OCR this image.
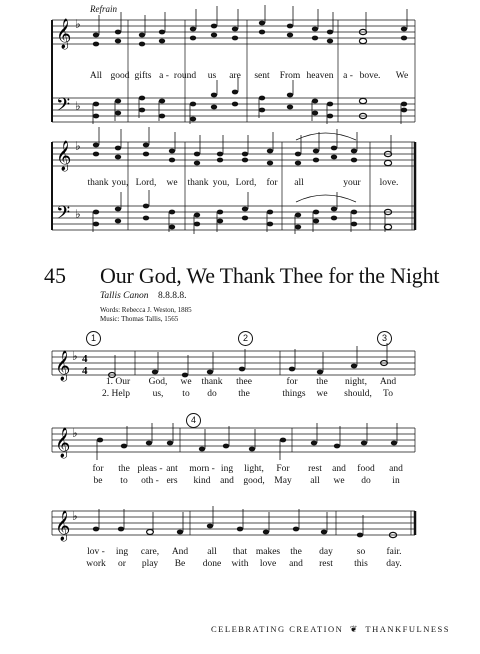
Refrain
𝄞
𝄢
♭
♭
All good gifts a - round us are sent From heaven a - bove. We
𝄞
𝄢
♭
♭
thank you, Lord, we thank you, Lord, for all	your love.
45 Our God, We Thank Thee for the Night
Tallis Canon 8.8.8.8.
Words: Rebecca J. Weston, 1885
Music: Thomas Tallis, 1565
1	2	3
4
𝄞 ♭ 4
4
1. Our God, we thank thee	for the night, And
2. Help us, to do the	things we should, To
𝄞 ♭
for the pleas - ant morn - ing light, For rest and food and
be to oth - ers kind and good, May all we do in
𝄞 ♭
lov - ing care, And all that makes the day	so fair.
work or play Be done with love and rest this day.
CELEBRATING CREATION ❦ THANKFULNESS
